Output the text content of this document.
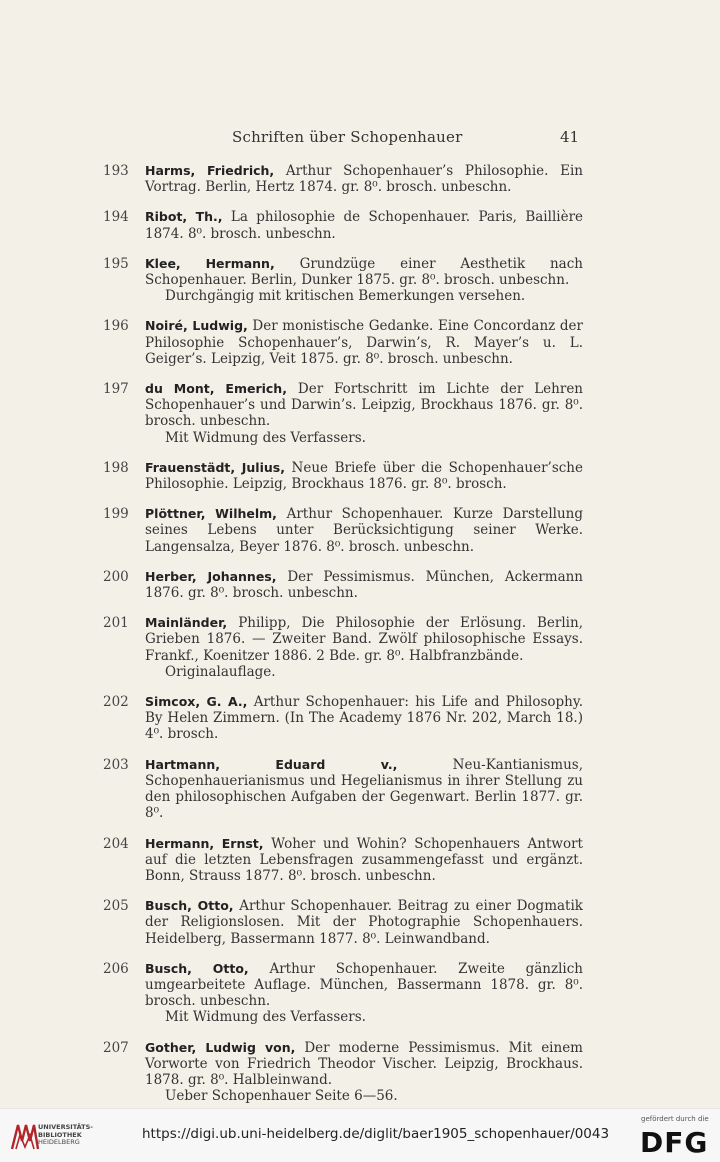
Schriften über Schopenhauer	41
193	Harms, Friedrich, Arthur Schopenhauer’s Philosophie. Ein Vortrag. Berlin, Hertz 1874. gr. 8⁰. brosch. unbeschn.
194	Ribot, Th., La philosophie de Schopenhauer. Paris, Baillière 1874. 8⁰. brosch. unbeschn.
195	Klee, Hermann, Grundzüge einer Aesthetik nach Schopenhauer. Berlin, Dunker 1875. gr. 8⁰. brosch. unbeschn.
Durchgängig mit kritischen Bemerkungen versehen.
196	Noiré, Ludwig, Der monistische Gedanke. Eine Concordanz der Philosophie Schopenhauer’s, Darwin’s, R. Mayer’s u. L. Geiger’s. Leipzig, Veit 1875. gr. 8⁰. brosch. unbeschn.
197	du Mont, Emerich, Der Fortschritt im Lichte der Lehren Schopenhauer’s und Darwin’s. Leipzig, Brockhaus 1876. gr. 8⁰. brosch. unbeschn.
Mit Widmung des Verfassers.
198	Frauenstädt, Julius, Neue Briefe über die Schopenhauer’sche Philosophie. Leipzig, Brockhaus 1876. gr. 8⁰. brosch.
199	Plöttner, Wilhelm, Arthur Schopenhauer. Kurze Darstellung seines Lebens unter Berücksichtigung seiner Werke. Langensalza, Beyer 1876. 8⁰. brosch. unbeschn.
200	Herber, Johannes, Der Pessimismus. München, Ackermann 1876. gr. 8⁰. brosch. unbeschn.
201	Mainländer, Philipp, Die Philosophie der Erlösung. Berlin, Grieben 1876. — Zweiter Band. Zwölf philosophische Essays. Frankf., Koenitzer 1886. 2 Bde. gr. 8⁰. Halbfranzbände.
Originalauflage.
202	Simcox, G. A., Arthur Schopenhauer: his Life and Philosophy. By Helen Zimmern. (In The Academy 1876 Nr. 202, March 18.) 4⁰. brosch.
203	Hartmann, Eduard v.,	Neu-Kantianismus, Schopenhauerianismus und Hegelianismus in ihrer Stellung zu den philosophischen Aufgaben der Gegenwart. Berlin 1877. gr. 8⁰.
204	Hermann, Ernst, Woher und Wohin? Schopenhauers Antwort auf die letzten Lebensfragen zusammengefasst und ergänzt. Bonn, Strauss 1877. 8⁰. brosch. unbeschn.
205	Busch, Otto, Arthur Schopenhauer. Beitrag zu einer Dogmatik der Religionslosen. Mit der Photographie Schopenhauers. Heidelberg, Bassermann 1877. 8⁰. Leinwandband.
206	Busch, Otto, Arthur Schopenhauer. Zweite gänzlich umgearbeitete Auflage. München, Bassermann 1878. gr. 8⁰. brosch. unbeschn.
Mit Widmung des Verfassers.
207	Gother, Ludwig von, Der moderne Pessimismus. Mit einem Vorworte von Friedrich Theodor Vischer. Leipzig, Brockhaus. 1878. gr. 8⁰. Halbleinwand.
Ueber Schopenhauer Seite 6—56.
UNIVERSITÄTS-
BIBLIOTHEK
HEIDELBERG	https://digi.ub.uni-heidelberg.de/diglit/baer1905_schopenhauer/0043
gefördert durch die
DFG
